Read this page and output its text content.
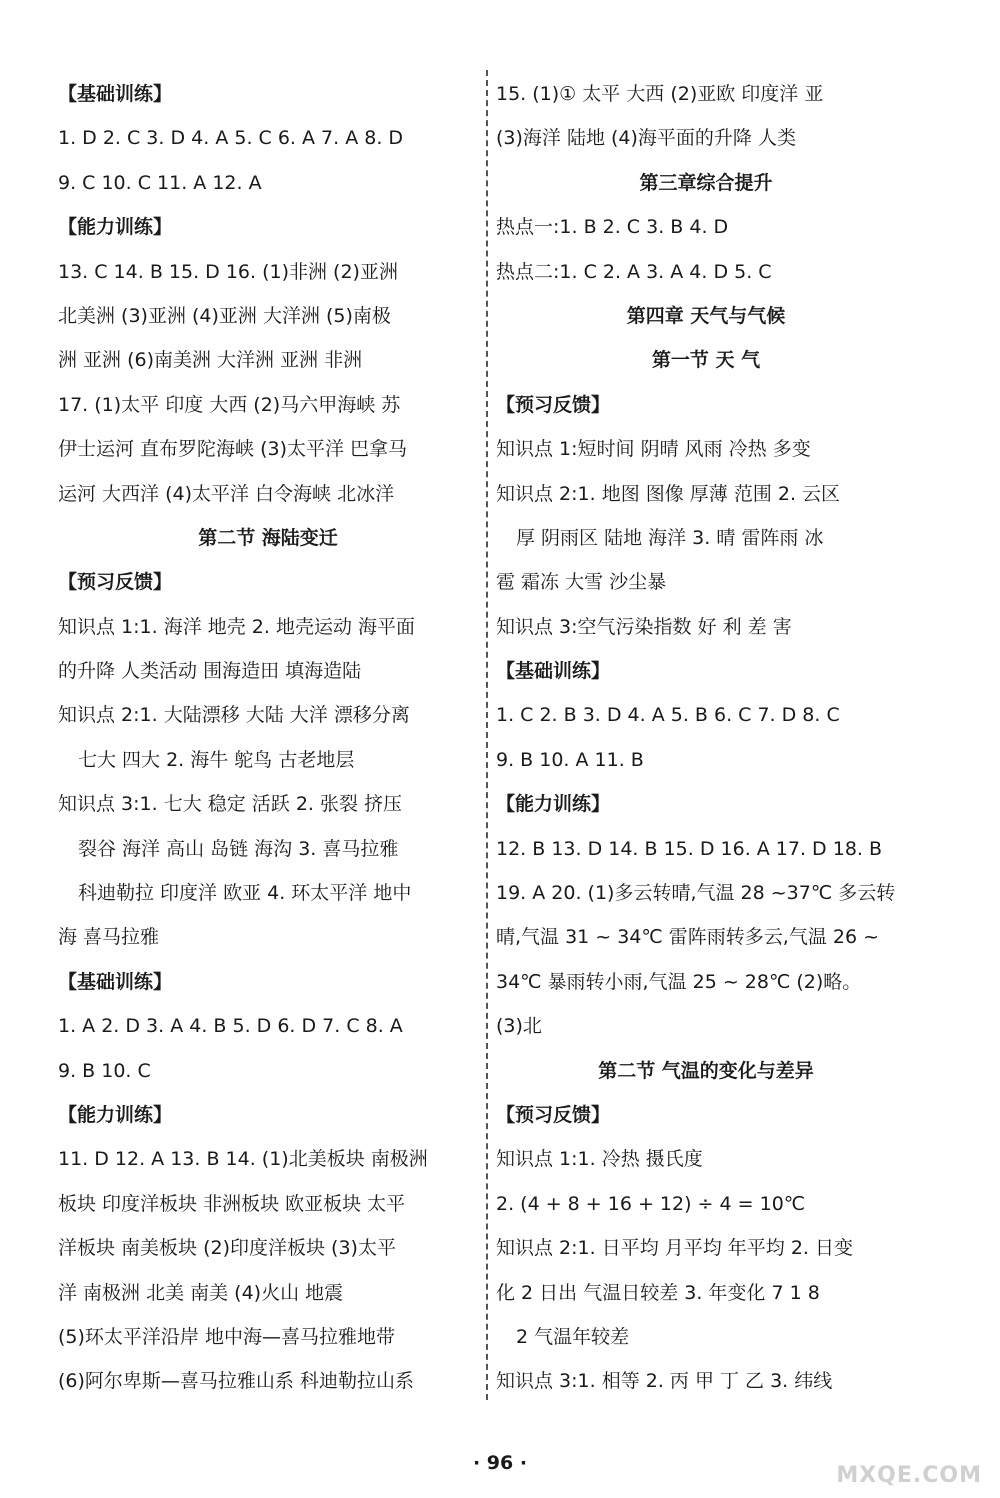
【基础训练】
1. D 2. C 3. D 4. A 5. C 6. A 7. A 8. D
9. C 10. C 11. A 12. A
【能力训练】
13. C 14. B 15. D 16. (1)非洲 (2)亚洲
北美洲 (3)亚洲 (4)亚洲 大洋洲 (5)南极
洲 亚洲 (6)南美洲 大洋洲 亚洲 非洲
17. (1)太平 印度 大西 (2)马六甲海峡 苏
伊士运河 直布罗陀海峡 (3)太平洋 巴拿马
运河 大西洋 (4)太平洋 白令海峡 北冰洋
第二节 海陆变迁
【预习反馈】
知识点 1:1. 海洋 地壳 2. 地壳运动 海平面
的升降 人类活动 围海造田 填海造陆
知识点 2:1. 大陆漂移 大陆 大洋 漂移分离
七大 四大 2. 海牛 鸵鸟 古老地层
知识点 3:1. 七大 稳定 活跃 2. 张裂 挤压
裂谷 海洋 高山 岛链 海沟 3. 喜马拉雅
科迪勒拉 印度洋 欧亚 4. 环太平洋 地中
海 喜马拉雅
【基础训练】
1. A 2. D 3. A 4. B 5. D 6. D 7. C 8. A
9. B 10. C
【能力训练】
11. D 12. A 13. B 14. (1)北美板块 南极洲
板块 印度洋板块 非洲板块 欧亚板块 太平
洋板块 南美板块 (2)印度洋板块 (3)太平
洋 南极洲 北美 南美 (4)火山 地震
(5)环太平洋沿岸 地中海—喜马拉雅地带
(6)阿尔卑斯—喜马拉雅山系 科迪勒拉山系
15. (1)① 太平 大西 (2)亚欧 印度洋 亚
(3)海洋 陆地 (4)海平面的升降 人类
第三章综合提升
热点一:1. B 2. C 3. B 4. D
热点二:1. C 2. A 3. A 4. D 5. C
第四章 天气与气候
第一节 天 气
【预习反馈】
知识点 1:短时间 阴晴 风雨 冷热 多变
知识点 2:1. 地图 图像 厚薄 范围 2. 云区
厚 阴雨区 陆地 海洋 3. 晴 雷阵雨 冰
雹 霜冻 大雪 沙尘暴
知识点 3:空气污染指数 好 利 差 害
【基础训练】
1. C 2. B 3. D 4. A 5. B 6. C 7. D 8. C
9. B 10. A 11. B
【能力训练】
12. B 13. D 14. B 15. D 16. A 17. D 18. B
19. A 20. (1)多云转晴,气温 28 ~37℃ 多云转
晴,气温 31 ~ 34℃ 雷阵雨转多云,气温 26 ~
34℃ 暴雨转小雨,气温 25 ~ 28℃ (2)略。
(3)北
第二节 气温的变化与差异
【预习反馈】
知识点 1:1. 冷热 摄氏度
2. (4 + 8 + 16 + 12) ÷ 4 = 10℃
知识点 2:1. 日平均 月平均 年平均 2. 日变
化 2 日出 气温日较差 3. 年变化 7 1 8
2 气温年较差
知识点 3:1. 相等 2. 丙 甲 丁 乙 3. 纬线
· 96 ·	MXQE.COM
